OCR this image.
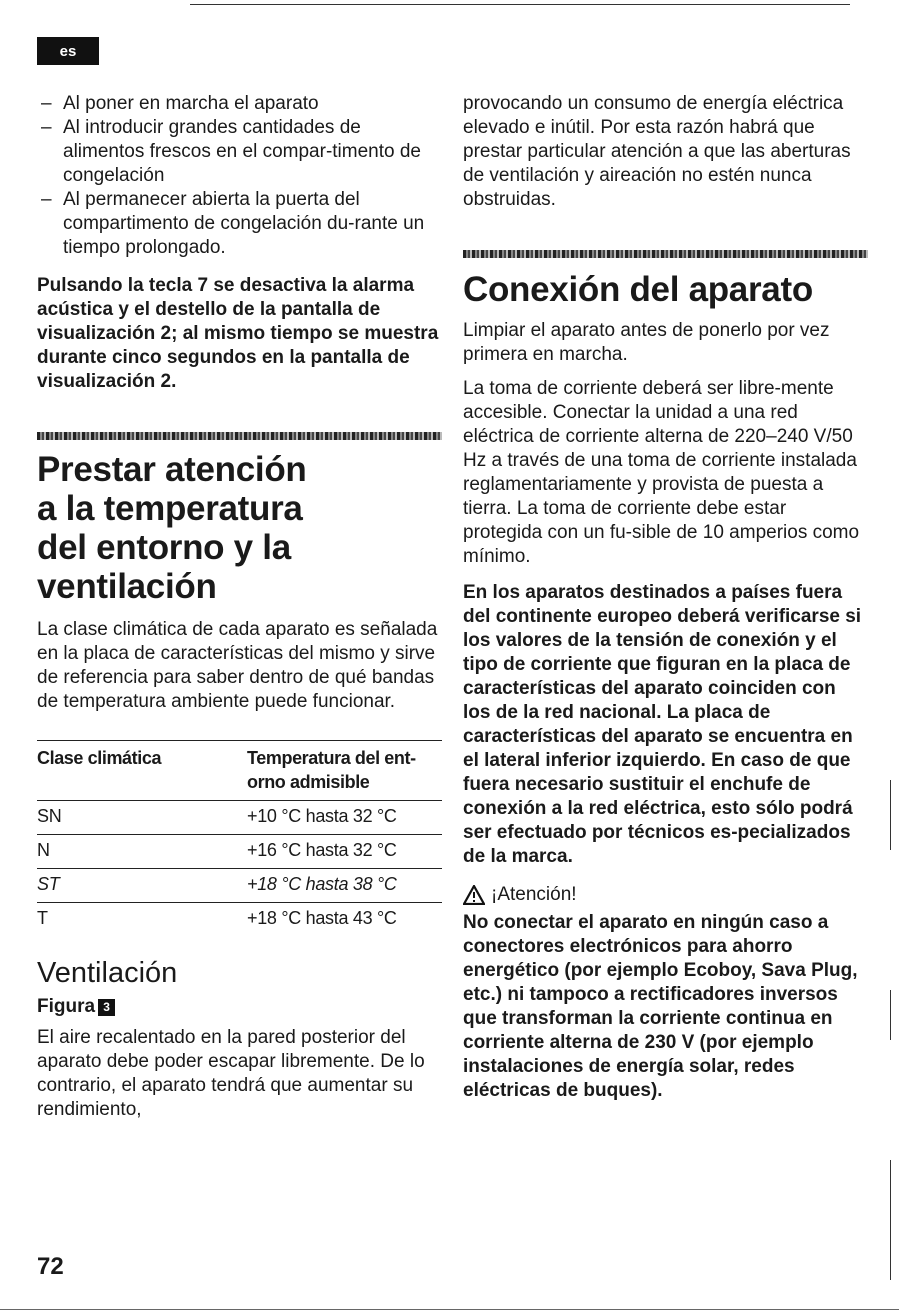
es
– Al poner en marcha el aparato
– Al introducir grandes cantidades de alimentos frescos en el compar-timento de congelación
– Al permanecer abierta la puerta del compartimento de congelación du-rante un tiempo prolongado.

Pulsando la tecla 7 se desactiva la alarma acústica y el destello de la pantalla de visualización 2; al mismo tiempo se muestra durante cinco segundos en la pantalla de visualización 2.

Prestar atención
a la temperatura
del entorno y la
ventilación

La clase climática de cada aparato es señalada en la placa de características del mismo y sirve de referencia para saber dentro de qué bandas de temperatura ambiente puede funcionar.

Clase climática	Temperatura del ent-orno admisible
SN	+10 °C hasta 32 °C
N	+16 °C hasta 32 °C
ST	+18 °C hasta 38 °C
T	+18 °C hasta 43 °C
Ventilación

Figura 3

El aire recalentado en la pared posterior del aparato debe poder escapar libremente. De lo contrario, el aparato tendrá que aumentar su rendimiento,

provocando un consumo de energía eléctrica elevado e inútil. Por esta razón habrá que prestar particular atención a que las aberturas de ventilación y aireación no estén nunca obstruidas.

Conexión del aparato

Limpiar el aparato antes de ponerlo por vez primera en marcha.

La toma de corriente deberá ser libre-mente accesible. Conectar la unidad a una red eléctrica de corriente alterna de 220–240 V/50 Hz a través de una toma de corriente instalada reglamentariamente y provista de puesta a tierra. La toma de corriente debe estar protegida con un fu-sible de 10 amperios como mínimo.

En los aparatos destinados a países fuera del continente europeo deberá verificarse si los valores de la tensión de conexión y el tipo de corriente que figuran en la placa de características del aparato coinciden con los de la red nacional. La placa de características del aparato se encuentra en el lateral inferior izquierdo. En caso de que fuera necesario sustituir el enchufe de conexión a la red eléctrica, esto sólo podrá ser efectuado por técnicos es-pecializados de la marca.

¡Atención!

No conectar el aparato en ningún caso a conectores electrónicos para ahorro energético (por ejemplo Ecoboy, Sava Plug, etc.) ni tampoco a rectificadores inversos que transforman la corriente continua en corriente alterna de 230 V (por ejemplo instalaciones de energía solar, redes eléctricas de buques).

72
